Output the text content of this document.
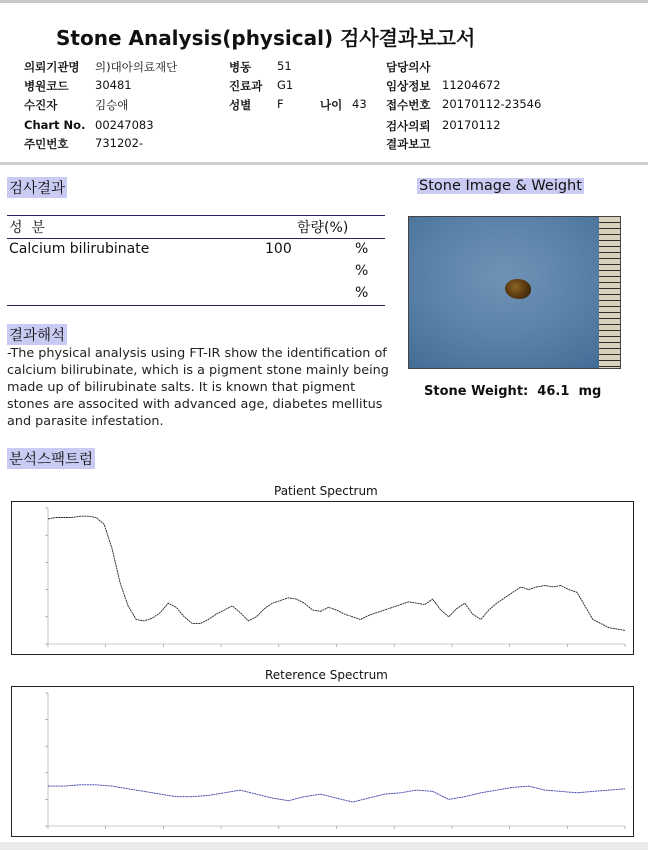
Stone Analysis(physical) 검사결과보고서
의뢰기관명 의)대아의료재단
병원코드 30481
수진자	김승애
Chart No. 00247083
주민번호 731202-
병동 51
진료과 G1
성별 F	나이 43
담당의사
임상정보 11204672
접수번호 20170112-23546
검사의뢰 20170112
결과보고
검사결과
성  분	함량(%)
Calcium bilirubinate	100	%
%
%
결과해석
-The physical analysis using FT-IR show the identification of calcium bilirubinate, which is a pigment stone mainly being made up of bilirubinate salts. It is known that pigment stones are associted with advanced age, diabetes mellitus and parasite infestation.
Stone Image & Weight
Stone Weight: 46.1 mg
분석스팩트럼
Patient Spectrum
Reterence Spectrum
